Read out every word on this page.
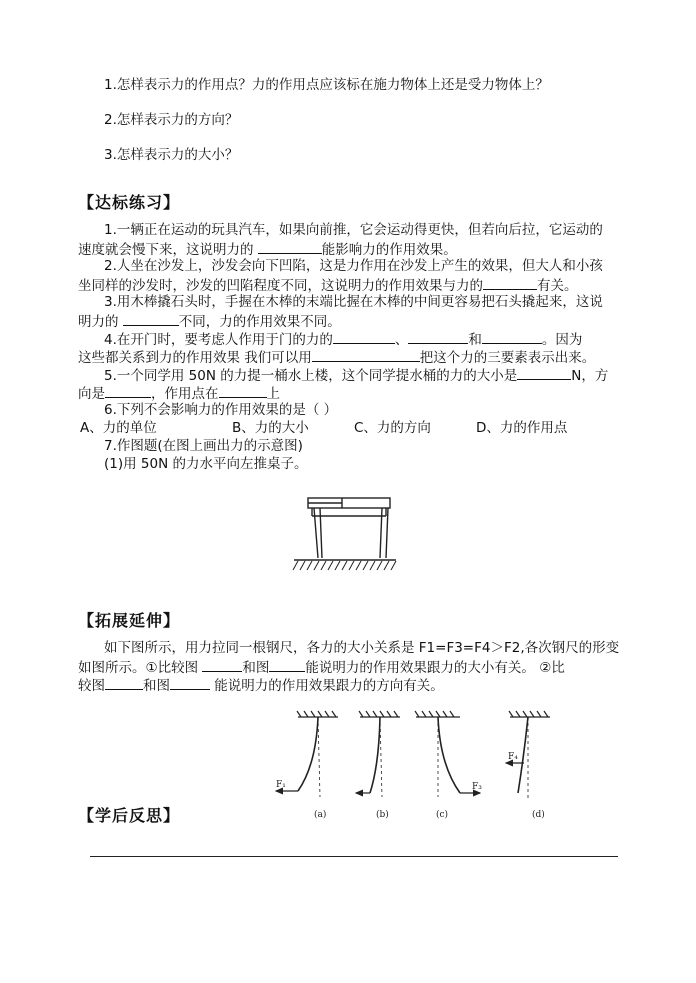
1.怎样表示力的作用点？力的作用点应该标在施力物体上还是受力物体上？
2.怎样表示力的方向？
3.怎样表示力的大小？
【达标练习】
1.一辆正在运动的玩具汽车，如果向前推，它会运动得更快，但若向后拉，它运动的
速度就会慢下来，这说明力的	能影响力的作用效果。
2.人坐在沙发上，沙发会向下凹陷，这是力作用在沙发上产生的效果，但大人和小孩
坐同样的沙发时，沙发的凹陷程度不同，这说明力的作用效果与力的	有关。
3.用木棒撬石头时，手握在木棒的末端比握在木棒的中间更容易把石头撬起来，这说
明力的	不同，力的作用效果不同。
4.在开门时，要考虑人作用于门的力的	、	和	。因为
这些都关系到力的作用效果 我们可以用	把这个力的三要素表示出来。
5.一个同学用 50N 的力提一桶水上楼，这个同学提水桶的力的大小是	N，方
向是	，作用点在	上
6.下列不会影响力的作用效果的是（ ）
A、力的单位	B、力的大小	C、力的方向	D、力的作用点
7.作图题(在图上画出力的示意图)
(1)用 50N 的力水平向左推桌子。
【拓展延伸】
如下图所示，用力拉同一根钢尺，各力的大小关系是 F1=F3=F4＞F2,各次钢尺的形变
如图所示。①比较图	和图	能说明力的作用效果跟力的大小有关。 ②比
较图	和图	能说明力的作用效果跟力的方向有关。
F₁	F₃
F₄
(a)	(b)	(c)	(d)
【学后反思】
